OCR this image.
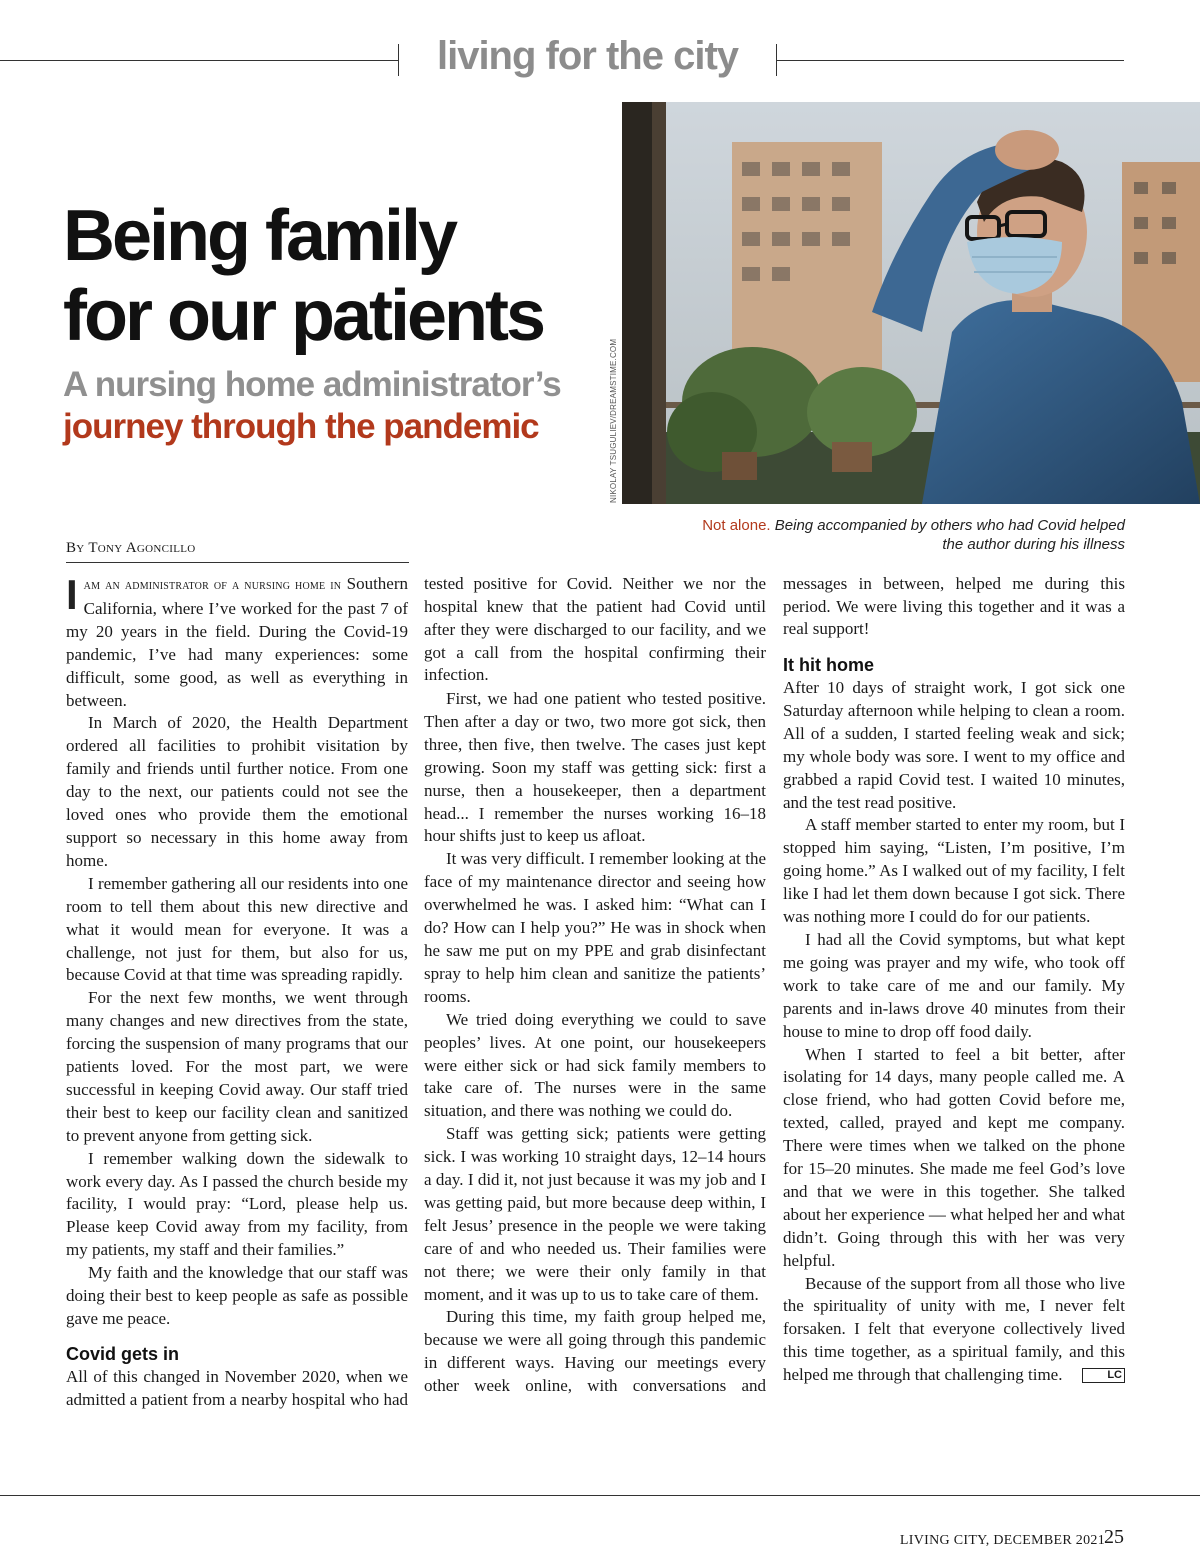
living for the city
Being family
for our patients
A nursing home administrator’s
journey through the pandemic	NIKOLAY TSUGULIEV/DREAMSTIME.COM
Not alone. Being accompanied by others who had Covid helped the author during his illness
By Tony Agoncillo

Iam an administrator of a nursing home in Southern California, where I’ve worked for the past 7 of my 20 years in the field. During the Covid-19 pandemic, I’ve had many experiences: some difficult, some good, as well as everything in between.

In March of 2020, the Health Department ordered all facilities to prohibit visitation by family and friends until further notice. From one day to the next, our patients could not see the loved ones who provide them the emotional support so necessary in this home away from home.

I remember gathering all our residents into one room to tell them about this new directive and what it would mean for everyone. It was a challenge, not just for them, but also for us, because Covid at that time was spreading rapidly.

For the next few months, we went through many changes and new directives from the state, forcing the suspension of many programs that our patients loved. For the most part, we were successful in keeping Covid away. Our staff tried their best to keep our facility clean and sanitized to prevent anyone from getting sick.

I remember walking down the sidewalk to work every day. As I passed the church beside my facility, I would pray: “Lord, please help us. Please keep Covid away from my facility, from my patients, my staff and their families.”

My faith and the knowledge that our staff was doing their best to keep people as safe as possible gave me peace.

Covid gets in

All of this changed in November 2020, when we admitted a patient from a nearby hospital who had

tested positive for Covid. Neither we nor the hospital knew that the patient had Covid until after they were discharged to our facility, and we got a call from the hospital confirming their infection.

First, we had one patient who tested positive. Then after a day or two, two more got sick, then three, then five, then twelve. The cases just kept growing. Soon my staff was getting sick: first a nurse, then a housekeeper, then a department head... I remember the nurses working 16–18 hour shifts just to keep us afloat.

It was very difficult. I remember looking at the face of my maintenance director and seeing how overwhelmed he was. I asked him: “What can I do? How can I help you?” He was in shock when he saw me put on my PPE and grab disinfectant spray to help him clean and sanitize the patients’ rooms.

We tried doing everything we could to save peoples’ lives. At one point, our housekeepers were either sick or had sick family members to take care of. The nurses were in the same situation, and there was nothing we could do.

Staff was getting sick; patients were getting sick. I was working 10 straight days, 12–14 hours a day. I did it, not just because it was my job and I was getting paid, but more because deep within, I felt Jesus’ presence in the people we were taking care of and who needed us. Their families were not there; we were their only family in that moment, and it was up to us to take care of them.

During this time, my faith group helped me, because we were all going through this pandemic in different ways. Having our meetings every other week online, with conversations and

messages in between, helped me during this period. We were living this together and it was a real support!

It hit home

After 10 days of straight work, I got sick one Saturday afternoon while helping to clean a room. All of a sudden, I started feeling weak and sick; my whole body was sore. I went to my office and grabbed a rapid Covid test. I waited 10 minutes, and the test read positive.

A staff member started to enter my room, but I stopped him saying, “Listen, I’m positive, I’m going home.” As I walked out of my facility, I felt like I had let them down because I got sick. There was nothing more I could do for our patients.

I had all the Covid symptoms, but what kept me going was prayer and my wife, who took off work to take care of me and our family. My parents and in-laws drove 40 minutes from their house to mine to drop off food daily.

When I started to feel a bit better, after isolating for 14 days, many people called me. A close friend, who had gotten Covid before me, texted, called, prayed and kept me company. There were times when we talked on the phone for 15–20 minutes. She made me feel God’s love and that we were in this together. She talked about her experience — what helped her and what didn’t. Going through this with her was very helpful.

Because of the support from all those who live the spirituality of unity with me, I never felt forsaken. I felt that everyone collectively lived this time together, as a spiritual family, and this helped me through that challenging time.	LC

LIVING CITY, DECEMBER 2021 25
